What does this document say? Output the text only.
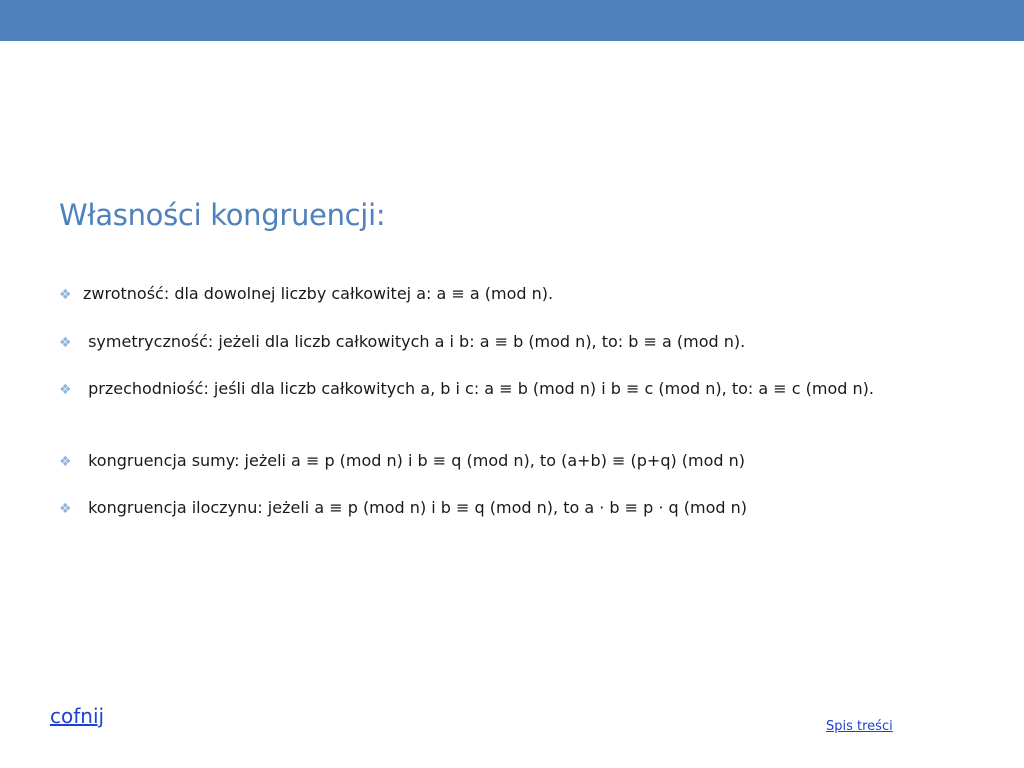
Własności kongruencji:
❖ zwrotność: dla dowolnej liczby całkowitej a: a ≡ a (mod n).
❖ symetryczność: jeżeli dla liczb całkowitych a i b: a ≡ b (mod n), to: b ≡ a (mod n).
❖ przechodniość: jeśli dla liczb całkowitych a, b i c: a ≡ b (mod n) i b ≡ c (mod n), to: a ≡ c (mod n).
❖ kongruencja sumy: jeżeli a ≡ p (mod n) i b ≡ q (mod n), to (a+b) ≡ (p+q) (mod n)
❖ kongruencja iloczynu: jeżeli a ≡ p (mod n) i b ≡ q (mod n), to a · b ≡ p · q (mod n)
cofnij	Spis treści
